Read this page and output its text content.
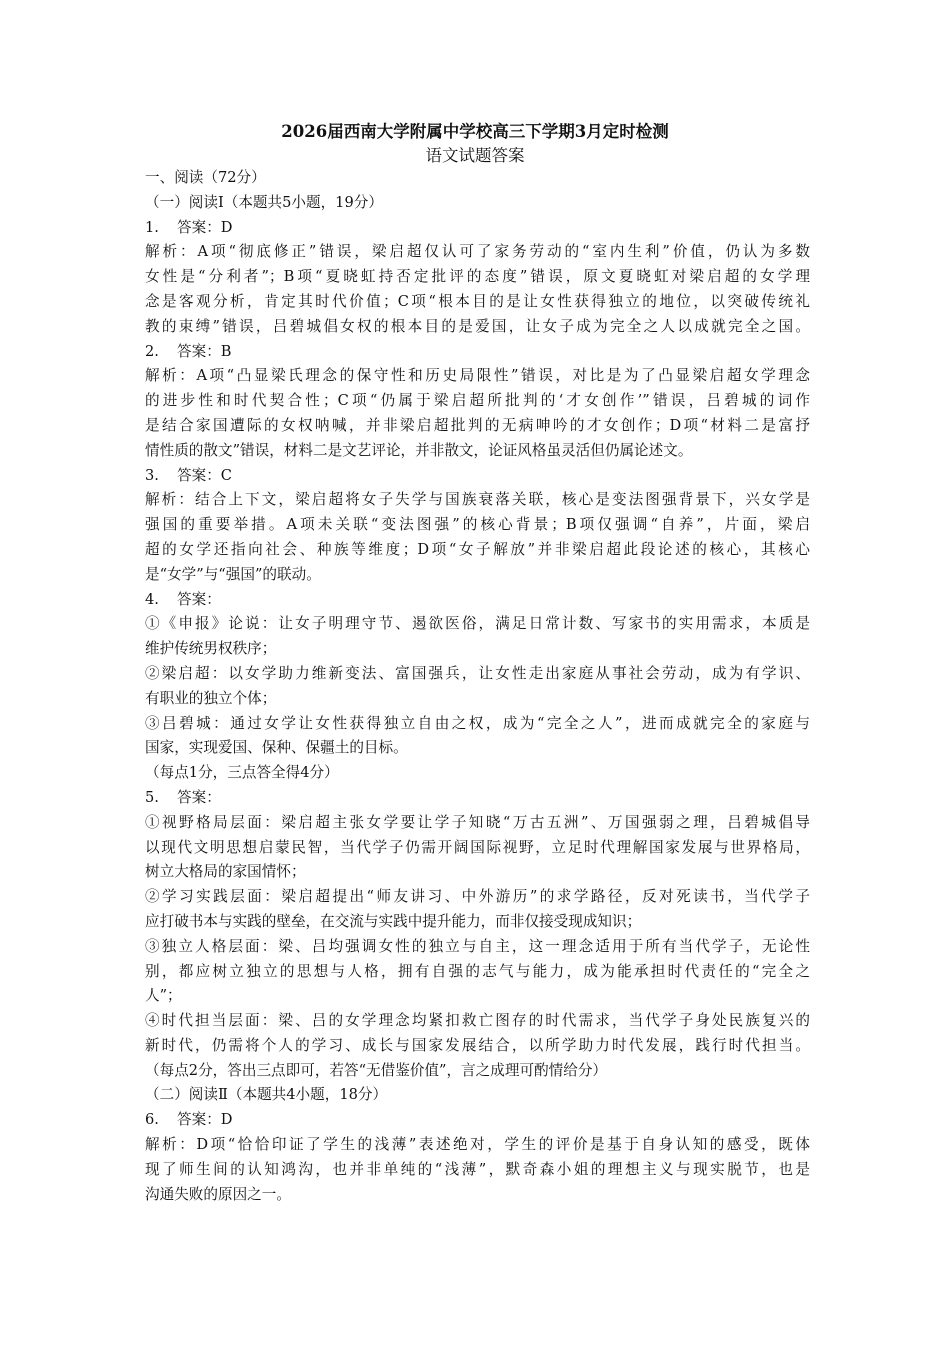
2026届西南大学附属中学校高三下学期3月定时检测
语文试题答案
一、阅读（72分）
（一）阅读Ⅰ（本题共5小题，19分）
1. 答案：D
解析：A项“彻底修正”错误，梁启超仅认可了家务劳动的“室内生利”价值，仍认为多数
女性是“分利者”；B项“夏晓虹持否定批评的态度”错误，原文夏晓虹对梁启超的女学理
念是客观分析，肯定其时代价值；C项“根本目的是让女性获得独立的地位，以突破传统礼
教的束缚”错误，吕碧城倡女权的根本目的是爱国，让女子成为完全之人以成就完全之国。
2. 答案：B
解析：A项“凸显梁氏理念的保守性和历史局限性”错误，对比是为了凸显梁启超女学理念
的进步性和时代契合性；C项“仍属于梁启超所批判的‘才女创作’”错误，吕碧城的词作
是结合家国遭际的女权呐喊，并非梁启超批判的无病呻吟的才女创作；D项“材料二是富抒
情性质的散文”错误，材料二是文艺评论，并非散文，论证风格虽灵活但仍属论述文。
3. 答案：C
解析：结合上下文，梁启超将女子失学与国族衰落关联，核心是变法图强背景下，兴女学是
强国的重要举措。A项未关联“变法图强”的核心背景；B项仅强调“自养”，片面，梁启
超的女学还指向社会、种族等维度；D项“女子解放”并非梁启超此段论述的核心，其核心
是“女学”与“强国”的联动。
4. 答案：
①《申报》论说：让女子明理守节、遏欲医俗，满足日常计数、写家书的实用需求，本质是
维护传统男权秩序；
②梁启超：以女学助力维新变法、富国强兵，让女性走出家庭从事社会劳动，成为有学识、
有职业的独立个体；
③吕碧城：通过女学让女性获得独立自由之权，成为“完全之人”，进而成就完全的家庭与
国家，实现爱国、保种、保疆土的目标。
（每点1分，三点答全得4分）
5. 答案：
①视野格局层面：梁启超主张女学要让学子知晓“万古五洲”、万国强弱之理，吕碧城倡导
以现代文明思想启蒙民智，当代学子仍需开阔国际视野，立足时代理解国家发展与世界格局，
树立大格局的家国情怀；
②学习实践层面：梁启超提出“师友讲习、中外游历”的求学路径，反对死读书，当代学子
应打破书本与实践的壁垒，在交流与实践中提升能力，而非仅接受现成知识；
③独立人格层面：梁、吕均强调女性的独立与自主，这一理念适用于所有当代学子，无论性
别，都应树立独立的思想与人格，拥有自强的志气与能力，成为能承担时代责任的“完全之
人”；
④时代担当层面：梁、吕的女学理念均紧扣救亡图存的时代需求，当代学子身处民族复兴的
新时代，仍需将个人的学习、成长与国家发展结合，以所学助力时代发展，践行时代担当。
（每点2分，答出三点即可，若答“无借鉴价值”，言之成理可酌情给分）
（二）阅读Ⅱ（本题共4小题，18分）
6. 答案：D
解析：D项“恰恰印证了学生的浅薄”表述绝对，学生的评价是基于自身认知的感受，既体
现了师生间的认知鸿沟，也并非单纯的“浅薄”，默奇森小姐的理想主义与现实脱节，也是
沟通失败的原因之一。
